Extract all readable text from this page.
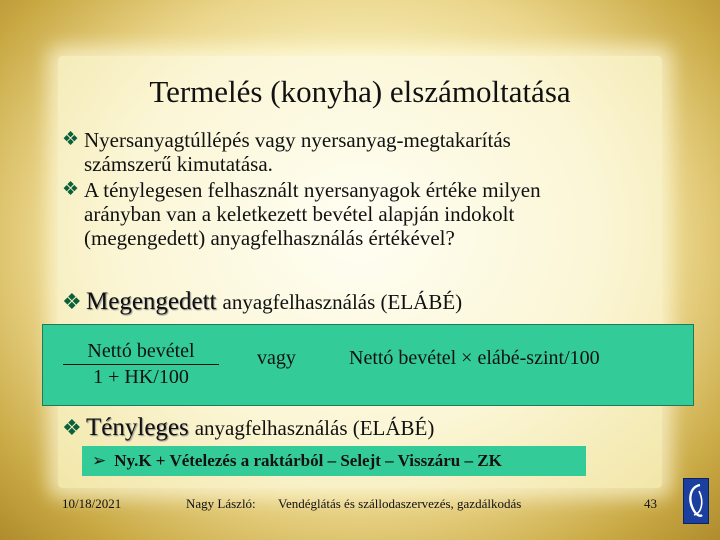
Termelés (konyha) elszámoltatása
❖ Nyersanyagtúllépés vagy nyersanyag-megtakarítás
számszerű kimutatása.
❖ A ténylegesen felhasznált nyersanyagok értéke milyen
arányban van a keletkezett bevétel alapján indokolt
(megengedett) anyagfelhasználás értékével?
❖ Megengedett anyagfelhasználás (ELÁBÉ)
Nettó bevétel
1 + HK/100
vagy	Nettó bevétel × elábé-szint/100
❖ Tényleges anyagfelhasználás (ELÁBÉ)
➢ Ny.K + Vételezés a raktárból – Selejt – Visszáru – ZK
10/18/2021	Nagy László: Vendéglátás és szállodaszervezés, gazdálkodás	43
